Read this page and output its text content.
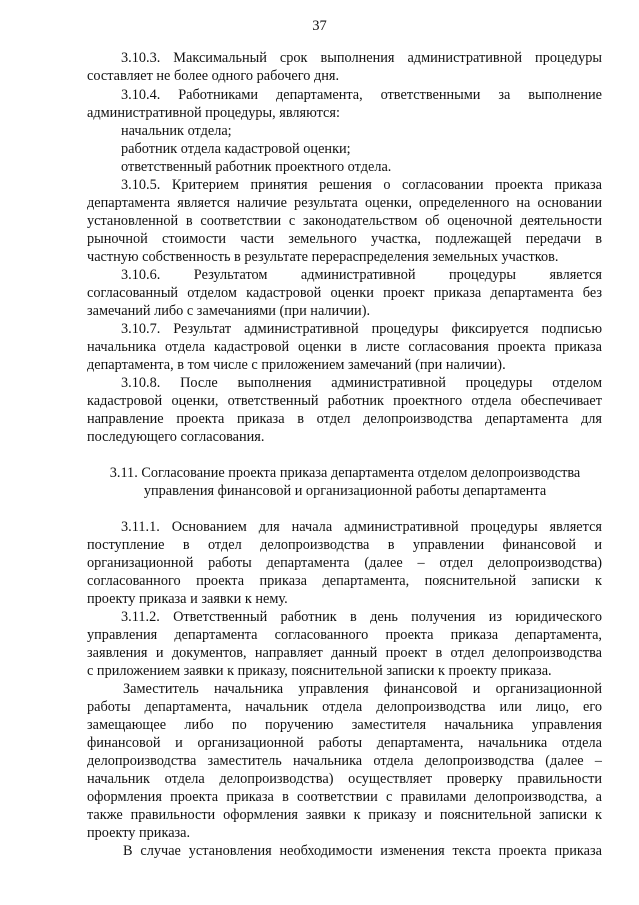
37
3.10.3. Максимальный срок выполнения административной процедуры
составляет не более одного рабочего дня.
3.10.4. Работниками департамента, ответственными за выполнение
административной процедуры, являются:
начальник отдела;
работник отдела кадастровой оценки;
ответственный работник проектного отдела.
3.10.5. Критерием принятия решения о согласовании проекта приказа
департамента является наличие результата оценки, определенного на основании
установленной в соответствии с законодательством об оценочной деятельности
рыночной стоимости части земельного участка, подлежащей передачи в
частную собственность в результате перераспределения земельных участков.
3.10.6. Результатом административной процедуры является
согласованный отделом кадастровой оценки проект приказа департамента без
замечаний либо с замечаниями (при наличии).
3.10.7. Результат административной процедуры фиксируется подписью
начальника отдела кадастровой оценки в листе согласования проекта приказа
департамента, в том числе с приложением замечаний (при наличии).
3.10.8. После выполнения административной процедуры отделом
кадастровой оценки, ответственный работник проектного отдела обеспечивает
направление проекта приказа в отдел делопроизводства департамента для
последующего согласования.
3.11. Согласование проекта приказа департамента отделом делопроизводства
управления финансовой и организационной работы департамента
3.11.1. Основанием для начала административной процедуры является
поступление в отдел делопроизводства в управлении финансовой и
организационной работы департамента (далее – отдел делопроизводства)
согласованного проекта приказа департамента, пояснительной записки к
проекту приказа и заявки к нему.
3.11.2. Ответственный работник в день получения из юридического
управления департамента согласованного проекта приказа департамента,
заявления и документов, направляет данный проект в отдел делопроизводства
с приложением заявки к приказу, пояснительной записки к проекту приказа.
Заместитель начальника управления финансовой и организационной
работы департамента, начальник отдела делопроизводства или лицо, его
замещающее либо по поручению заместителя начальника управления
финансовой и организационной работы департамента, начальника отдела
делопроизводства заместитель начальника отдела делопроизводства (далее –
начальник отдела делопроизводства) осуществляет проверку правильности
оформления проекта приказа в соответствии с правилами делопроизводства, а
также правильности оформления заявки к приказу и пояснительной записки к
проекту приказа.
В случае установления необходимости изменения текста проекта приказа
